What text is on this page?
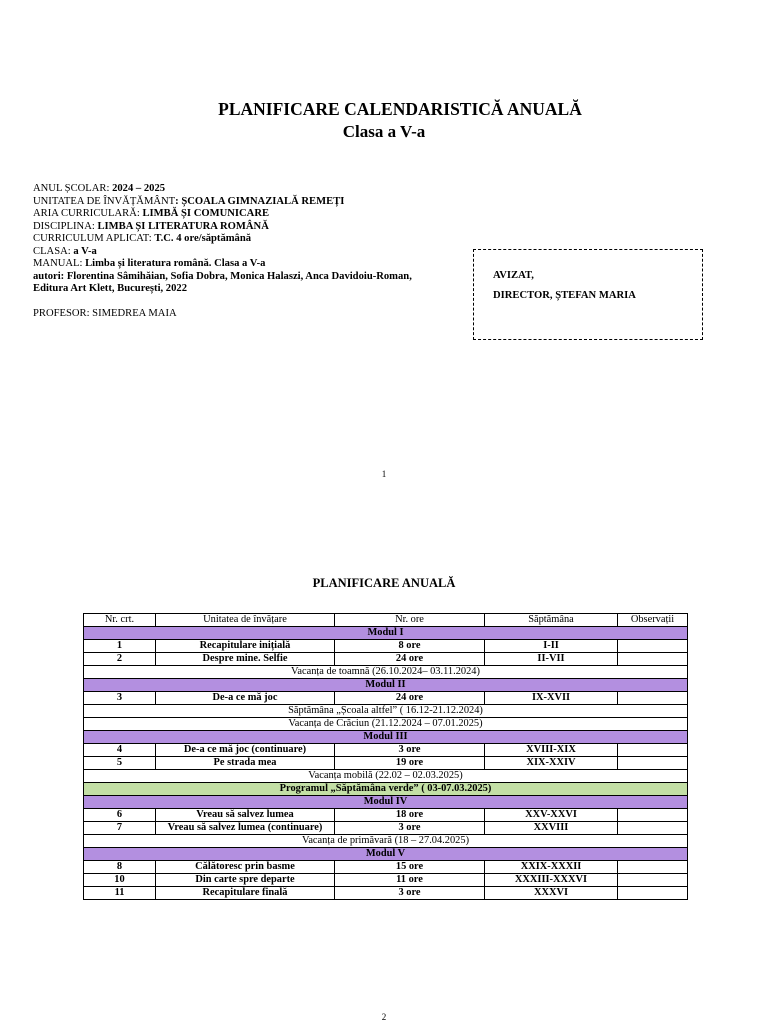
PLANIFICARE CALENDARISTICĂ ANUALĂ
Clasa a V-a
ANUL ȘCOLAR: 2024 – 2025
UNITATEA DE ÎNVĂȚĂMÂNT: ȘCOALA GIMNAZIALĂ REMEȚI
ARIA CURRICULARĂ: LIMBĂ ȘI COMUNICARE
DISCIPLINA: LIMBA ȘI LITERATURA ROMÂNĂ
CURRICULUM APLICAT: T.C. 4 ore/săptămână
CLASA: a V-a
MANUAL: Limba și literatura română. Clasa a V-a
autori: Florentina Sâmihăian, Sofia Dobra, Monica Halaszi, Anca Davidoiu-Roman,
Editura Art Klett, București, 2022
PROFESOR: SIMEDREA MAIA
AVIZAT,
DIRECTOR, ȘTEFAN MARIA
1
PLANIFICARE ANUALĂ
Nr. crt.	Unitatea de învățare	Nr. ore	Săptămâna	Observații
Modul I				
1	Recapitulare inițială	8 ore	I-II	
2	Despre mine. Selfie	24 ore	II-VII	
Vacanța de toamnă (26.10.2024– 03.11.2024)				
Modul II				
3	De-a ce mă joc	24 ore	IX-XVII	
Săptămâna „Școala altfel” ( 16.12-21.12.2024)				
Vacanța de Crăciun (21.12.2024 – 07.01.2025)				
Modul III				
4	De-a ce mă joc (continuare)	3 ore	XVIII-XIX	
5	Pe strada mea	19 ore	XIX-XXIV	
Vacanța mobilă (22.02 – 02.03.2025)				
Programul „Săptămâna verde” ( 03-07.03.2025)				
Modul IV				
6	Vreau să salvez lumea	18 ore	XXV-XXVI	
7	Vreau să salvez lumea (continuare)	3 ore	XXVIII	
Vacanța de primăvară (18 – 27.04.2025)				
Modul V				
8	Călătoresc prin basme	15 ore	XXIX-XXXII	
10	Din carte spre departe	11 ore	XXXIII-XXXVI	
11	Recapitulare finală	3 ore	XXXVI	
2
